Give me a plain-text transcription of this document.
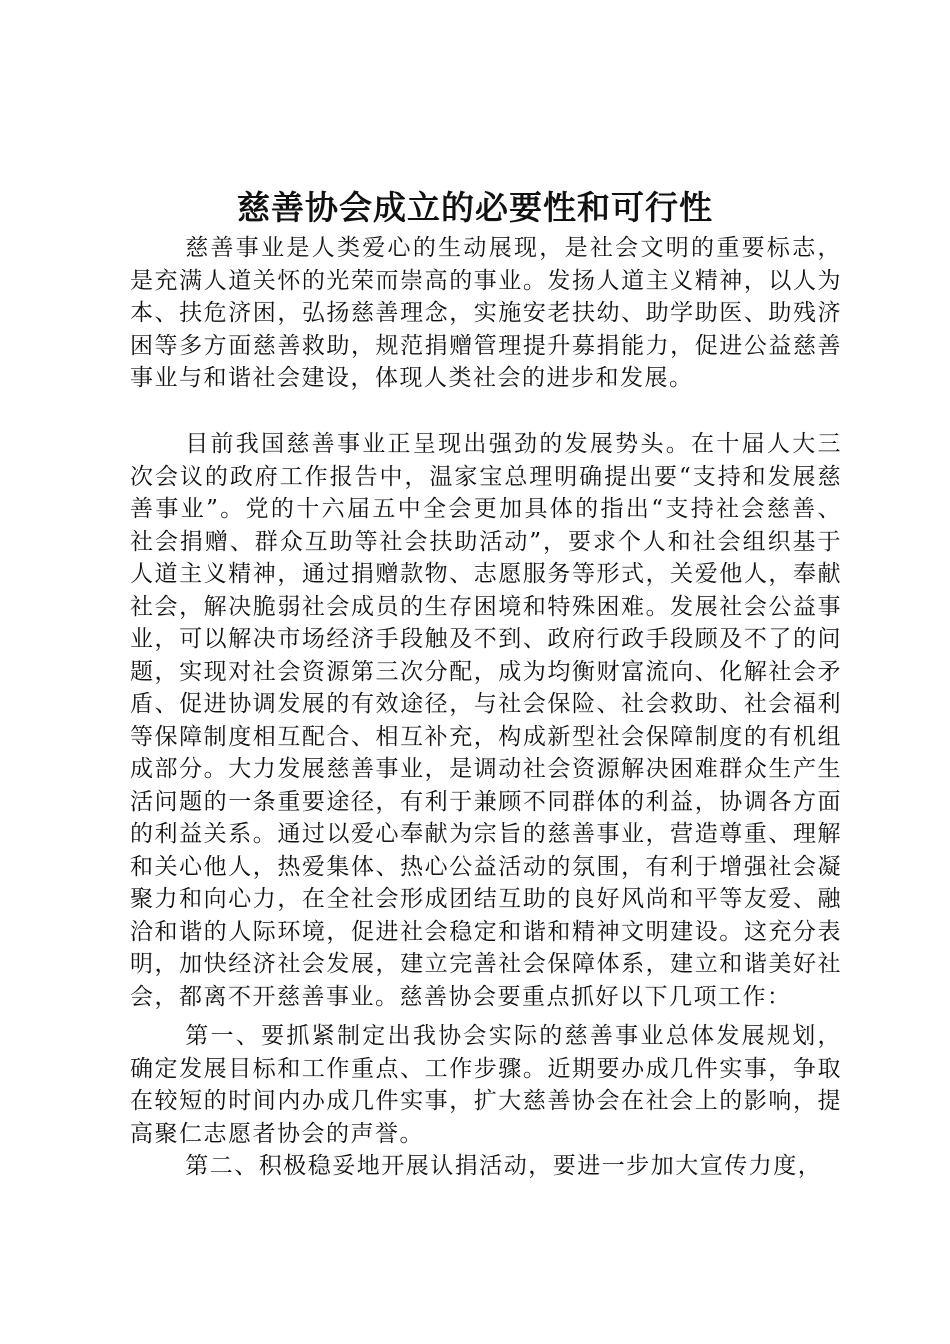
慈善协会成立的必要性和可行性

慈善事业是人类爱心的生动展现，是社会文明的重要标志，是充满人道关怀的光荣而崇高的事业。发扬人道主义精神，以人为本、扶危济困，弘扬慈善理念，实施安老扶幼、助学助医、助残济困等多方面慈善救助，规范捐赠管理提升募捐能力，促进公益慈善事业与和谐社会建设，体现人类社会的进步和发展。

目前我国慈善事业正呈现出强劲的发展势头。在十届人大三次会议的政府工作报告中，温家宝总理明确提出要“支持和发展慈善事业”。党的十六届五中全会更加具体的指出“支持社会慈善、社会捐赠、群众互助等社会扶助活动”，要求个人和社会组织基于人道主义精神，通过捐赠款物、志愿服务等形式，关爱他人，奉献社会，解决脆弱社会成员的生存困境和特殊困难。发展社会公益事业，可以解决市场经济手段触及不到、政府行政手段顾及不了的问题，实现对社会资源第三次分配，成为均衡财富流向、化解社会矛盾、促进协调发展的有效途径，与社会保险、社会救助、社会福利等保障制度相互配合、相互补充，构成新型社会保障制度的有机组成部分。大力发展慈善事业，是调动社会资源解决困难群众生产生活问题的一条重要途径，有利于兼顾不同群体的利益，协调各方面的利益关系。通过以爱心奉献为宗旨的慈善事业，营造尊重、理解和关心他人，热爱集体、热心公益活动的氛围，有利于增强社会凝聚力和向心力，在全社会形成团结互助的良好风尚和平等友爱、融洽和谐的人际环境，促进社会稳定和谐和精神文明建设。这充分表明，加快经济社会发展，建立完善社会保障体系，建立和谐美好社会，都离不开慈善事业。慈善协会要重点抓好以下几项工作：

第一、要抓紧制定出我协会实际的慈善事业总体发展规划，确定发展目标和工作重点、工作步骤。近期要办成几件实事，争取在较短的时间内办成几件实事，扩大慈善协会在社会上的影响，提高聚仁志愿者协会的声誉。

第二、积极稳妥地开展认捐活动，要进一步加大宣传力度，
